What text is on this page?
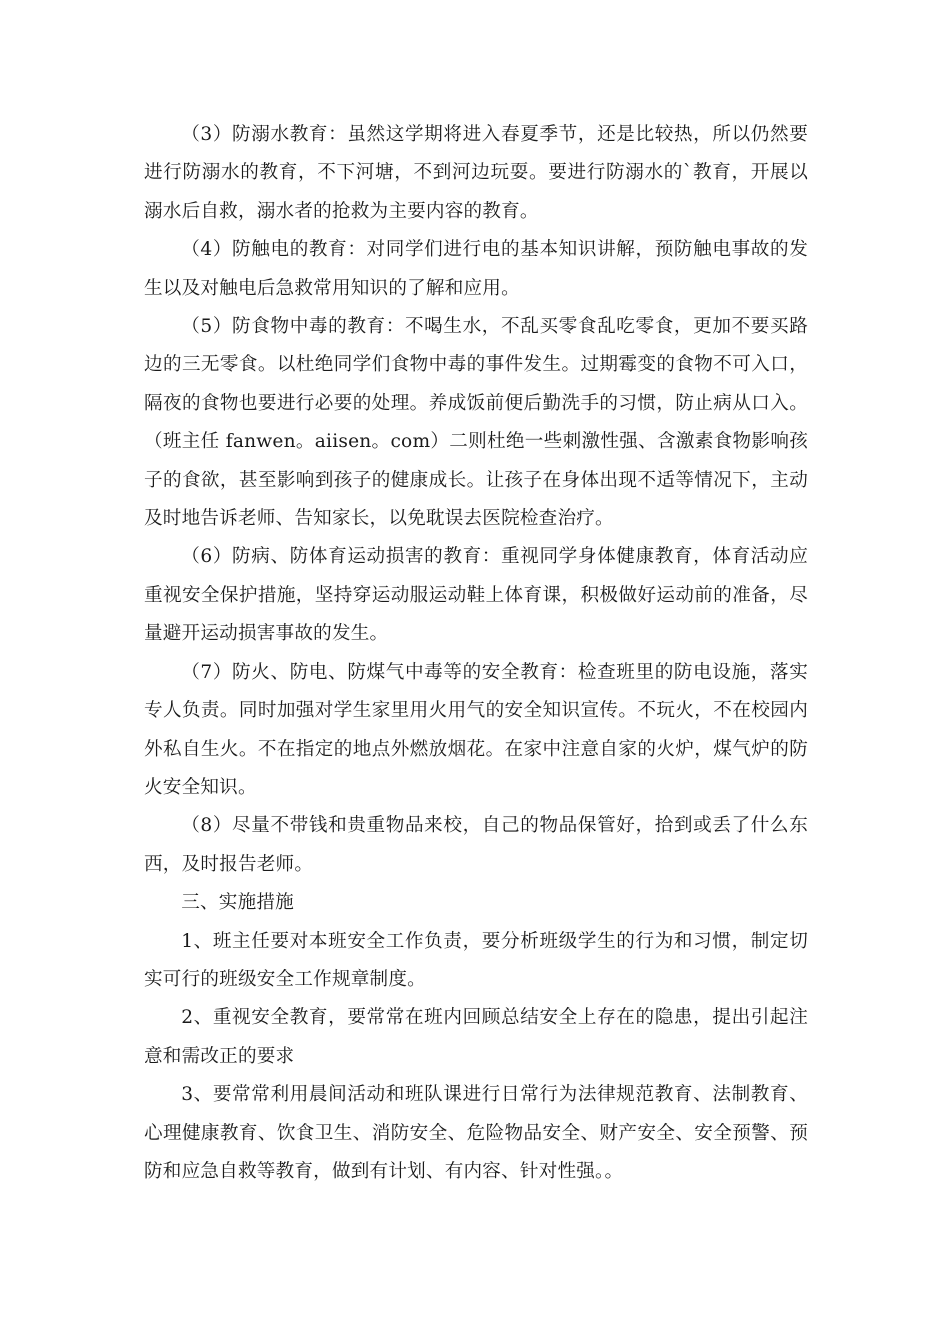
（3）防溺水教育：虽然这学期将进入春夏季节，还是比较热，所以仍然要进行防溺水的教育，不下河塘，不到河边玩耍。要进行防溺水的`教育，开展以溺水后自救，溺水者的抢救为主要内容的教育。

（4）防触电的教育：对同学们进行电的基本知识讲解，预防触电事故的发生以及对触电后急救常用知识的了解和应用。

（5）防食物中毒的教育：不喝生水，不乱买零食乱吃零食，更加不要买路边的三无零食。以杜绝同学们食物中毒的事件发生。过期霉变的食物不可入口，隔夜的食物也要进行必要的处理。养成饭前便后勤洗手的习惯，防止病从口入。（班主任 fanwen。aiisen。com）二则杜绝一些刺激性强、含激素食物影响孩子的食欲，甚至影响到孩子的健康成长。让孩子在身体出现不适等情况下，主动及时地告诉老师、告知家长，以免耽误去医院检查治疗。

（6）防病、防体育运动损害的教育：重视同学身体健康教育，体育活动应重视安全保护措施，坚持穿运动服运动鞋上体育课，积极做好运动前的准备，尽量避开运动损害事故的发生。

（7）防火、防电、防煤气中毒等的安全教育：检查班里的防电设施，落实专人负责。同时加强对学生家里用火用气的安全知识宣传。不玩火，不在校园内外私自生火。不在指定的地点外燃放烟花。在家中注意自家的火炉，煤气炉的防火安全知识。

（8）尽量不带钱和贵重物品来校，自己的物品保管好，拾到或丢了什么东西，及时报告老师。

三、实施措施

1、班主任要对本班安全工作负责，要分析班级学生的行为和习惯，制定切实可行的班级安全工作规章制度。

2、重视安全教育，要常常在班内回顾总结安全上存在的隐患，提出引起注意和需改正的要求

3、要常常利用晨间活动和班队课进行日常行为法律规范教育、法制教育、心理健康教育、饮食卫生、消防安全、危险物品安全、财产安全、安全预警、预防和应急自救等教育，做到有计划、有内容、针对性强。。
